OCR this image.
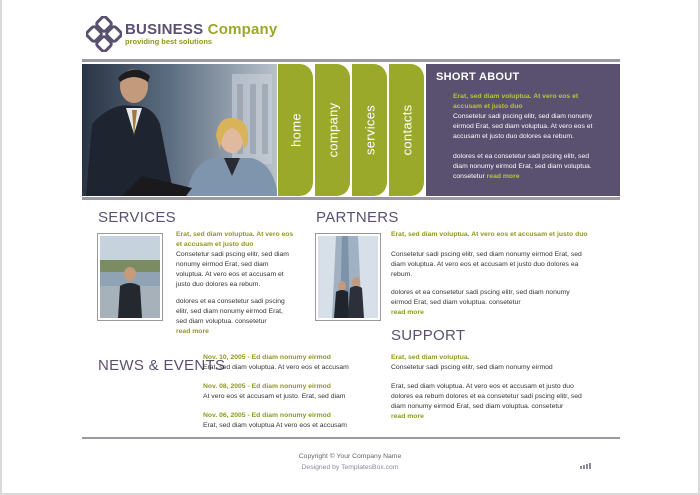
BUSINESS Company
providing best solutions
home company services contacts
SHORT ABOUT
Erat, sed diam voluptua. At vero eos et accusam et justo duo
Consetetur sadi pscing elitr, sed diam nonumy eirmod Erat, sed diam voluptua. At vero eos et accusam et justo duo dolores ea rebum.
dolores et ea consetetur sadi pscing elitr, sed diam nonumy eirmod Erat, sed diam voluptua. consetetur read more
SERVICES
Erat, sed diam voluptua. At vero eos et accusam et justo duo
Consetetur sadi pscing elitr, sed diam nonumy eirmod Erat, sed diam voluptua. At vero eos et accusam et justo duo dolores ea rebum.
dolores et ea consetetur sadi pscing elitr, sed diam nonumy eirmod Erat, sed diam voluptua. consetetur
read more
PARTNERS
Erat, sed diam voluptua. At vero eos et accusam et justo duo
Consetetur sadi pscing elitr, sed diam nonumy eirmod Erat, sed diam voluptua. At vero eos et accusam et justo duo dolores ea rebum.
dolores et ea consetetur sadi pscing elitr, sed diam nonumy eirmod Erat, sed diam voluptua. consetetur
read more
NEWS & EVENTS
Nov. 10, 2005 - Ed diam nonumy eirmod
Erat, sed diam voluptua. At vero eos et accusam
Nov. 08, 2005 - Ed diam nonumy eirmod
At vero eos et accusam et justo. Erat, sed diam
Nov. 06, 2005 - Ed diam nonumy eirmod
Erat, sed diam voluptua At vero eos et accusam
SUPPORT
Erat, sed diam voluptua.
Consetetur sadi pscing elitr, sed diam nonumy eirmod
Erat, sed diam voluptua. At vero eos et accusam et justo duo dolores ea rebum dolores et ea consetetur sadi pscing elitr, sed diam nonumy eirmod Erat, sed diam voluptua. consetetur
read more
Copyright © Your Company Name
Designed by TemplatesBox.com
